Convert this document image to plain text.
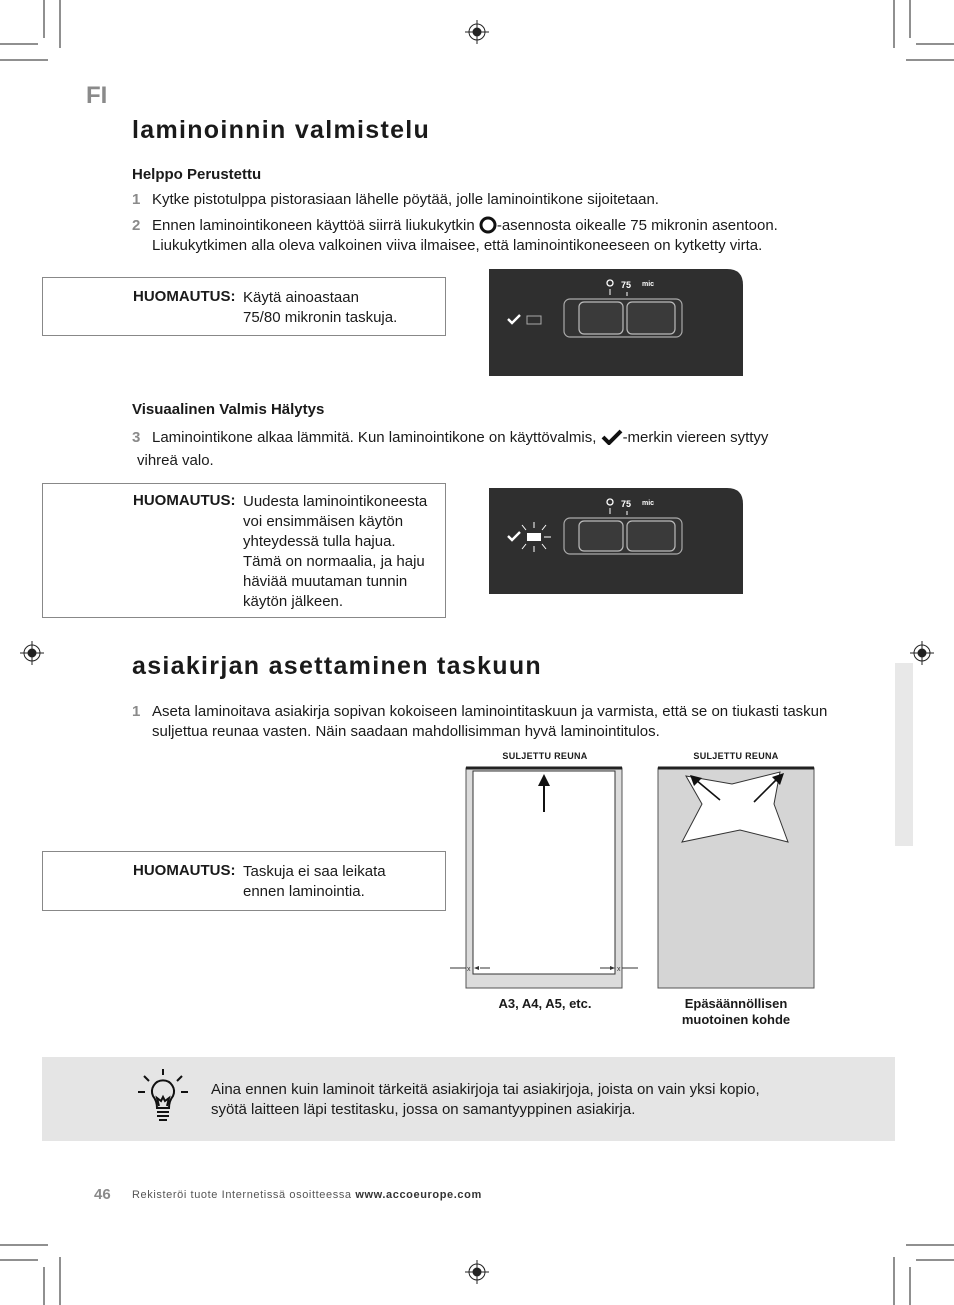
FI
laminoinnin valmistelu
Helppo Perustettu
1 Kytke pistotulppa pistorasiaan lähelle pöytää, jolle laminointikone sijoitetaan.
2 Ennen laminointikoneen käyttöä siirrä liukukytkin -asennosta oikealle 75 mikronin asentoon. Liukukytkimen alla oleva valkoinen viiva ilmaisee, että laminointikoneeseen on kytketty virta.
HUOMAUTUS: Käytä ainoastaan
75/80 mikronin taskuja.
75 mic
Visuaalinen Valmis Hälytys
3 Laminointikone alkaa lämmitä. Kun laminointikone on käyttövalmis, -merkin viereen syttyy
vihreä valo.
HUOMAUTUS: Uudesta laminointikoneesta
voi ensimmäisen käytön
yhteydessä tulla hajua.
Tämä on normaalia, ja haju
häviää muutaman tunnin
käytön jälkeen.
75 mic
asiakirjan asettaminen taskuun
1 Aseta laminoitava asiakirja sopivan kokoiseen laminointitaskuun ja varmista, että se on tiukasti taskun suljettua reunaa vasten. Näin saadaan mahdollisimman hyvä laminointitulos.
HUOMAUTUS: Taskuja ei saa leikata
ennen laminointia.
SULJETTU REUNA
x	x
A3, A4, A5, etc.
SULJETTU REUNA
Epäsäännöllisen
muotoinen kohde
Aina ennen kuin laminoit tärkeitä asiakirjoja tai asiakirjoja, joista on vain yksi kopio,
syötä laitteen läpi testitasku, jossa on samantyyppinen asiakirja.
46 Rekisteröi tuote Internetissä osoitteessa www.accoeurope.com
